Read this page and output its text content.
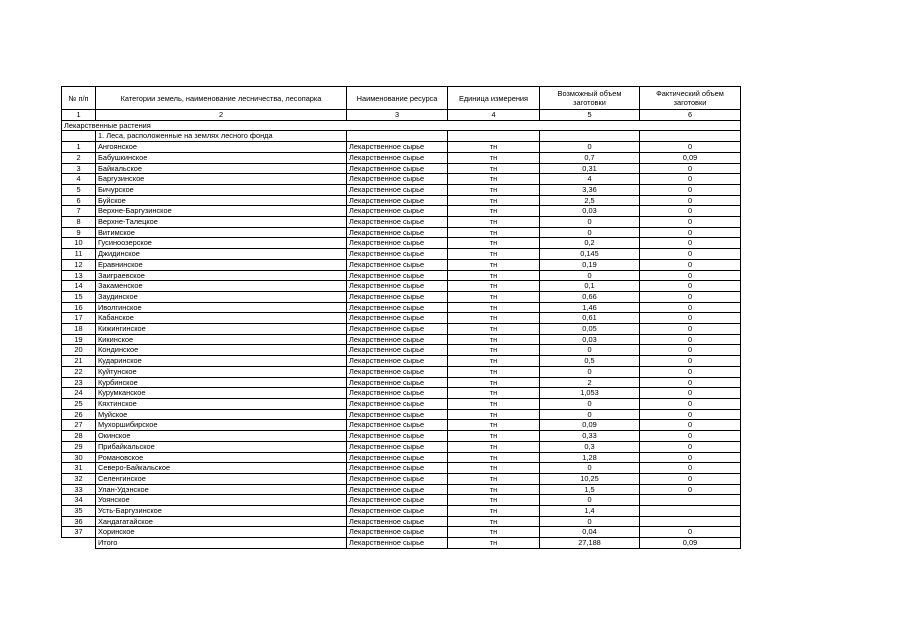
№ п/п	Категории земель, наименование лесничества, лесопарка	Наименование ресурса	Единица измерения	Возможный объем заготовки	Фактический объем заготовки
1	2	3	4	5	6
Лекарственные растения					
	1. Леса, расположенные на землях лесного фонда				
1	Ангоянское	Лекарственное сырье	тн	0	0
2	Бабушкинское	Лекарственное сырье	тн	0,7	0,09
3	Байкальское	Лекарственное сырье	тн	0,31	0
4	Баргузинское	Лекарственное сырье	тн	4	0
5	Бичурское	Лекарственное сырье	тн	3,36	0
6	Буйское	Лекарственное сырье	тн	2,5	0
7	Верхне-Баргузинское	Лекарственное сырье	тн	0,03	0
8	Верхне-Талецкое	Лекарственное сырье	тн	0	0
9	Витимское	Лекарственное сырье	тн	0	0
10	Гусиноозерское	Лекарственное сырье	тн	0,2	0
11	Джидинское	Лекарственное сырье	тн	0,145	0
12	Еравнинское	Лекарственное сырье	тн	0,19	0
13	Заиграевское	Лекарственное сырье	тн	0	0
14	Закаменское	Лекарственное сырье	тн	0,1	0
15	Заудинское	Лекарственное сырье	тн	0,66	0
16	Иволгинское	Лекарственное сырье	тн	1,46	0
17	Кабанское	Лекарственное сырье	тн	0,61	0
18	Кижингинское	Лекарственное сырье	тн	0,05	0
19	Кикинское	Лекарственное сырье	тн	0,03	0
20	Кондинское	Лекарственное сырье	тн	0	0
21	Кударинское	Лекарственное сырье	тн	0,5	0
22	Куйтунское	Лекарственное сырье	тн	0	0
23	Курбинское	Лекарственное сырье	тн	2	0
24	Курумканское	Лекарственное сырье	тн	1,053	0
25	Кяхтинское	Лекарственное сырье	тн	0	0
26	Муйское	Лекарственное сырье	тн	0	0
27	Мухоршибирское	Лекарственное сырье	тн	0,09	0
28	Окинское	Лекарственное сырье	тн	0,33	0
29	Прибайкальское	Лекарственное сырье	тн	0,3	0
30	Романовское	Лекарственное сырье	тн	1,28	0
31	Северо-Байкальское	Лекарственное сырье	тн	0	0
32	Селенгинское	Лекарственное сырье	тн	10,25	0
33	Улан-Удэнское	Лекарственное сырье	тн	1,5	0
34	Уоянское	Лекарственное сырье	тн	0	
35	Усть-Баргузинское	Лекарственное сырье	тн	1,4	
36	Хандагатайское	Лекарственное сырье	тн	0	
37	Хоринское	Лекарственное сырье	тн	0,04	0
	Итого	Лекарственное сырье	тн	27,188	0,09
